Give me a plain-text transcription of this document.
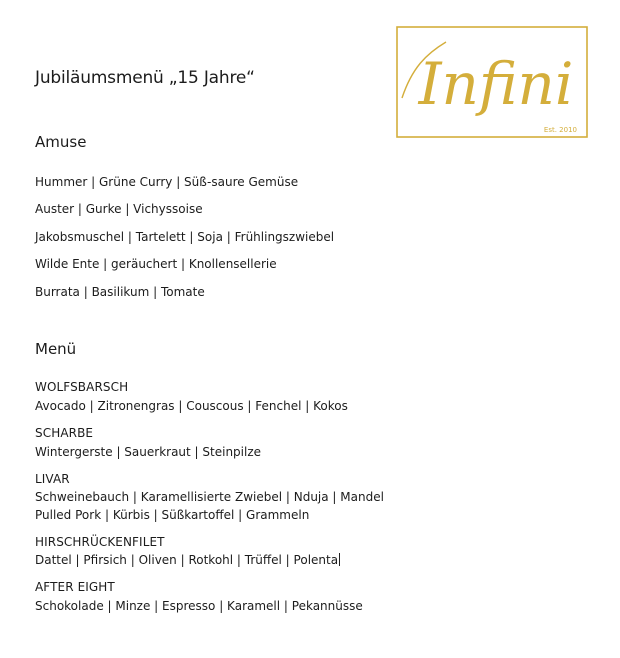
Jubiläumsmenü „15 Jahre“	Infini
Est. 2010
Amuse
Hummer | Grüne Curry | Süß-saure Gemüse
Auster | Gurke | Vichyssoise
Jakobsmuschel | Tartelett | Soja | Frühlingszwiebel
Wilde Ente | geräuchert | Knollensellerie
Burrata | Basilikum | Tomate
Menü
WOLFSBARSCH
Avocado | Zitronengras | Couscous | Fenchel | Kokos
SCHARBE
Wintergerste | Sauerkraut | Steinpilze
LIVAR
Schweinebauch | Karamellisierte Zwiebel | Nduja | Mandel
Pulled Pork | Kürbis | Süßkartoffel | Grammeln
HIRSCHRÜCKENFILET
Dattel | Pfirsich | Oliven | Rotkohl | Trüffel | Polenta
AFTER EIGHT
Schokolade | Minze | Espresso | Karamell | Pekannüsse
